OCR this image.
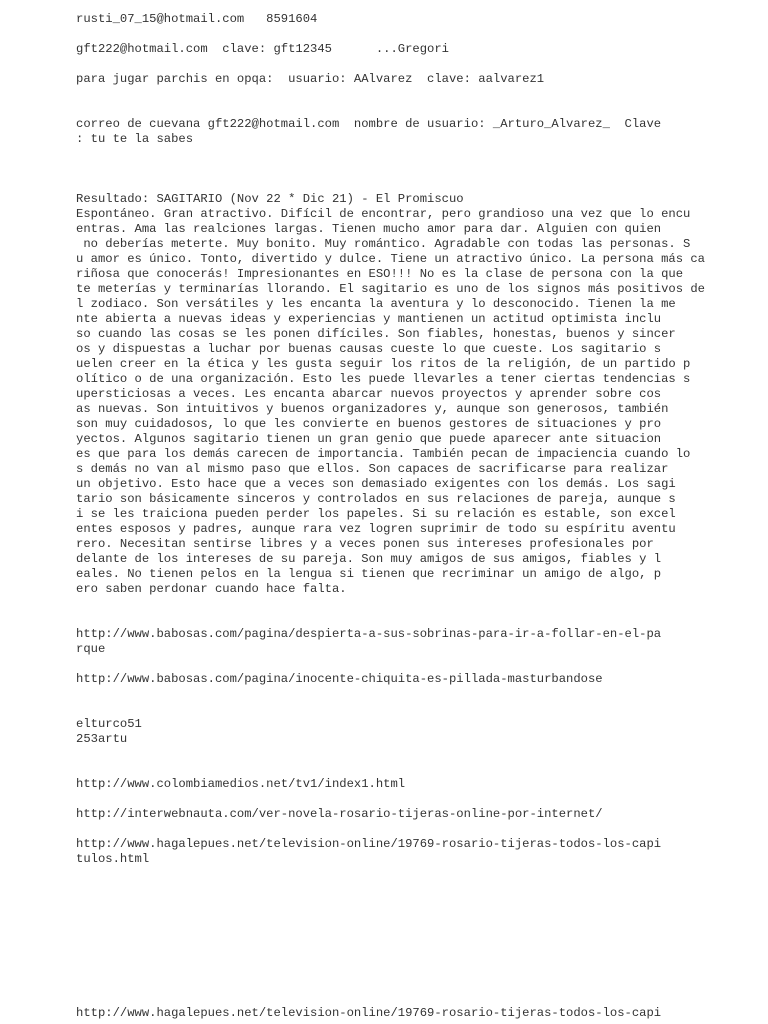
rusti_07_15@hotmail.com   8591604
gft222@hotmail.com  clave: gft12345      ...Gregori
para jugar parchis en opqa:  usuario: AAlvarez  clave: aalvarez1
correo de cuevana gft222@hotmail.com  nombre de usuario: _Arturo_Alvarez_  Clave
: tu te la sabes
Resultado: SAGITARIO (Nov 22 * Dic 21) - El Promiscuo
Espontáneo. Gran atractivo. Difícil de encontrar, pero grandioso una vez que lo encu
entras. Ama las realciones largas. Tienen mucho amor para dar. Alguien con quien
no deberías meterte. Muy bonito. Muy romántico. Agradable con todas las personas. S
u amor es único. Tonto, divertido y dulce. Tiene un atractivo único. La persona más ca
riñosa que conocerás! Impresionantes en ESO!!! No es la clase de persona con la que
te meterías y terminarías llorando. El sagitario es uno de los signos más positivos de
l zodiaco. Son versátiles y les encanta la aventura y lo desconocido. Tienen la me
nte abierta a nuevas ideas y experiencias y mantienen un actitud optimista inclu
so cuando las cosas se les ponen difíciles. Son fiables, honestas, buenos y sincer
os y dispuestas a luchar por buenas causas cueste lo que cueste. Los sagitario s
uelen creer en la ética y les gusta seguir los ritos de la religión, de un partido p
olítico o de una organización. Esto les puede llevarles a tener ciertas tendencias s
upersticiosas a veces. Les encanta abarcar nuevos proyectos y aprender sobre cos
as nuevas. Son intuitivos y buenos organizadores y, aunque son generosos, también
son muy cuidadosos, lo que les convierte en buenos gestores de situaciones y pro
yectos. Algunos sagitario tienen un gran genio que puede aparecer ante situacion
es que para los demás carecen de importancia. También pecan de impaciencia cuando lo
s demás no van al mismo paso que ellos. Son capaces de sacrificarse para realizar
un objetivo. Esto hace que a veces son demasiado exigentes con los demás. Los sagi
tario son básicamente sinceros y controlados en sus relaciones de pareja, aunque s
i se les traiciona pueden perder los papeles. Si su relación es estable, son excel
entes esposos y padres, aunque rara vez logren suprimir de todo su espíritu aventu
rero. Necesitan sentirse libres y a veces ponen sus intereses profesionales por
delante de los intereses de su pareja. Son muy amigos de sus amigos, fiables y l
eales. No tienen pelos en la lengua si tienen que recriminar un amigo de algo, p
ero saben perdonar cuando hace falta.
http://www.babosas.com/pagina/despierta-a-sus-sobrinas-para-ir-a-follar-en-el-pa
rque
http://www.babosas.com/pagina/inocente-chiquita-es-pillada-masturbandose
elturco51
253artu
http://www.colombiamedios.net/tv1/index1.html
http://interwebnauta.com/ver-novela-rosario-tijeras-online-por-internet/
http://www.hagalepues.net/television-online/19769-rosario-tijeras-todos-los-capi
tulos.html
http://www.hagalepues.net/television-online/19769-rosario-tijeras-todos-los-capi
